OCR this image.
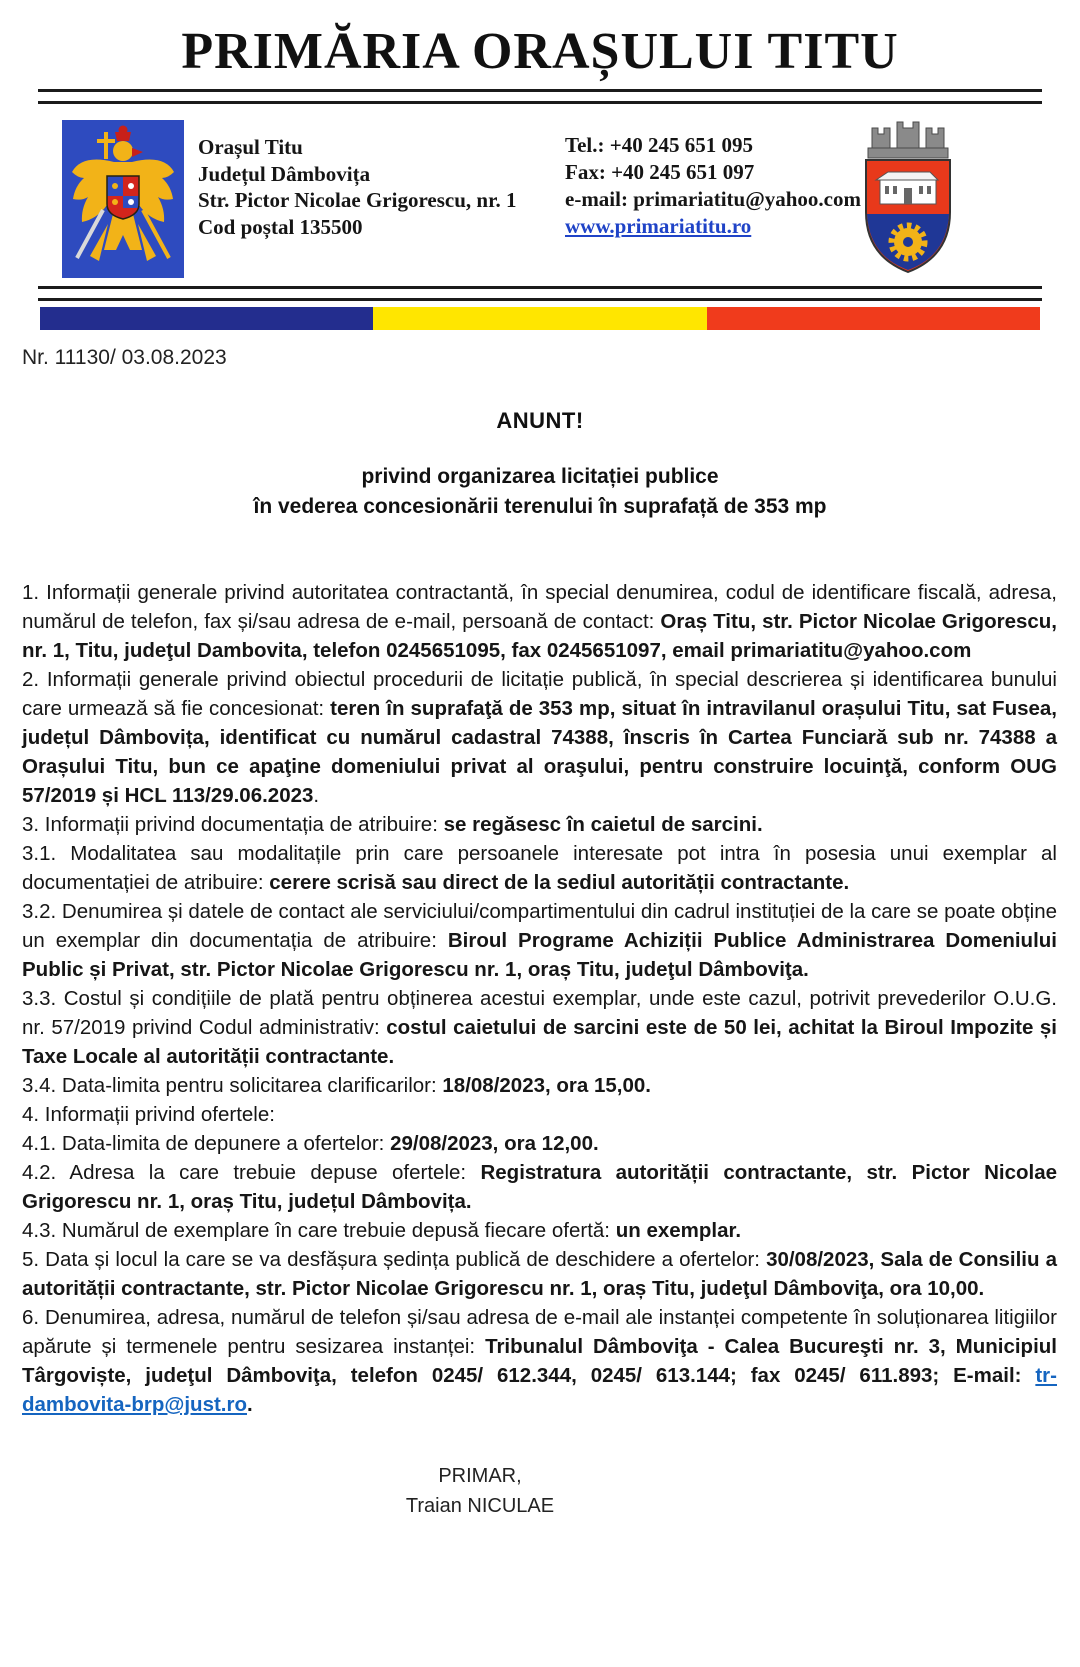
PRIMĂRIA ORAȘULUI TITU
Orașul Titu
Județul Dâmbovița
Str. Pictor Nicolae Grigorescu, nr. 1
Cod poștal 135500
Tel.: +40 245 651 095
Fax: +40 245 651 097
e-mail: primariatitu@yahoo.com
www.primariatitu.ro
Nr. 11130/ 03.08.2023
ANUNT!
privind organizarea licitației publice
în vederea concesionării terenului în suprafață de 353 mp

1. Informații generale privind autoritatea contractantă, în special denumirea, codul de identificare fiscală, adresa, numărul de telefon, fax și/sau adresa de e-mail, persoană de contact: Oraș Titu, str. Pictor Nicolae Grigorescu, nr. 1, Titu, judeţul Dambovita, telefon 0245651095, fax 0245651097, email primariatitu@yahoo.com

2. Informații generale privind obiectul procedurii de licitație publică, în special descrierea și identificarea bunului care urmează să fie concesionat: teren în suprafaţă de 353 mp, situat în intravilanul orașului Titu, sat Fusea, județul Dâmbovița, identificat cu numărul cadastral 74388, înscris în Cartea Funciară sub nr. 74388 a Orașului Titu, bun ce apaţine domeniului privat al oraşului, pentru construire locuinţă, conform OUG 57/2019 și HCL 113/29.06.2023.

3. Informații privind documentația de atribuire: se regăsesc în caietul de sarcini.

3.1. Modalitatea sau modalitațile prin care persoanele interesate pot intra în posesia unui exemplar al documentației de atribuire: cerere scrisă sau direct de la sediul autorității contractante.

3.2. Denumirea și datele de contact ale serviciului/compartimentului din cadrul instituției de la care se poate obține un exemplar din documentația de atribuire: Biroul Programe Achiziții Publice Administrarea Domeniului Public și Privat, str. Pictor Nicolae Grigorescu nr. 1, oraș Titu, judeţul Dâmboviţa.

3.3. Costul și condițiile de plată pentru obținerea acestui exemplar, unde este cazul, potrivit prevederilor O.U.G. nr. 57/2019 privind Codul administrativ: costul caietului de sarcini este de 50 lei, achitat la Biroul Impozite și Taxe Locale al autorității contractante.

3.4. Data-limita pentru solicitarea clarificarilor: 18/08/2023, ora 15,00.

4. Informații privind ofertele:

4.1. Data-limita de depunere a ofertelor: 29/08/2023, ora 12,00.

4.2. Adresa la care trebuie depuse ofertele: Registratura autorității contractante, str. Pictor Nicolae Grigorescu nr. 1, oraș Titu, județul Dâmbovița.

4.3. Numărul de exemplare în care trebuie depusă fiecare ofertă: un exemplar.

5. Data și locul la care se va desfășura ședința publică de deschidere a ofertelor: 30/08/2023, Sala de Consiliu a autorității contractante, str. Pictor Nicolae Grigorescu nr. 1, oraș Titu, judeţul Dâmboviţa, ora 10,00.

6. Denumirea, adresa, numărul de telefon și/sau adresa de e-mail ale instanței competente în soluționarea litigiilor apărute și termenele pentru sesizarea instanței: Tribunalul Dâmboviţa - Calea Bucureşti nr. 3, Municipiul Târgoviște, judeţul Dâmboviţa, telefon 0245/ 612.344, 0245/ 613.144; fax 0245/ 611.893; E-mail: tr-dambovita-brp@just.ro.

PRIMAR,
Traian NICULAE
